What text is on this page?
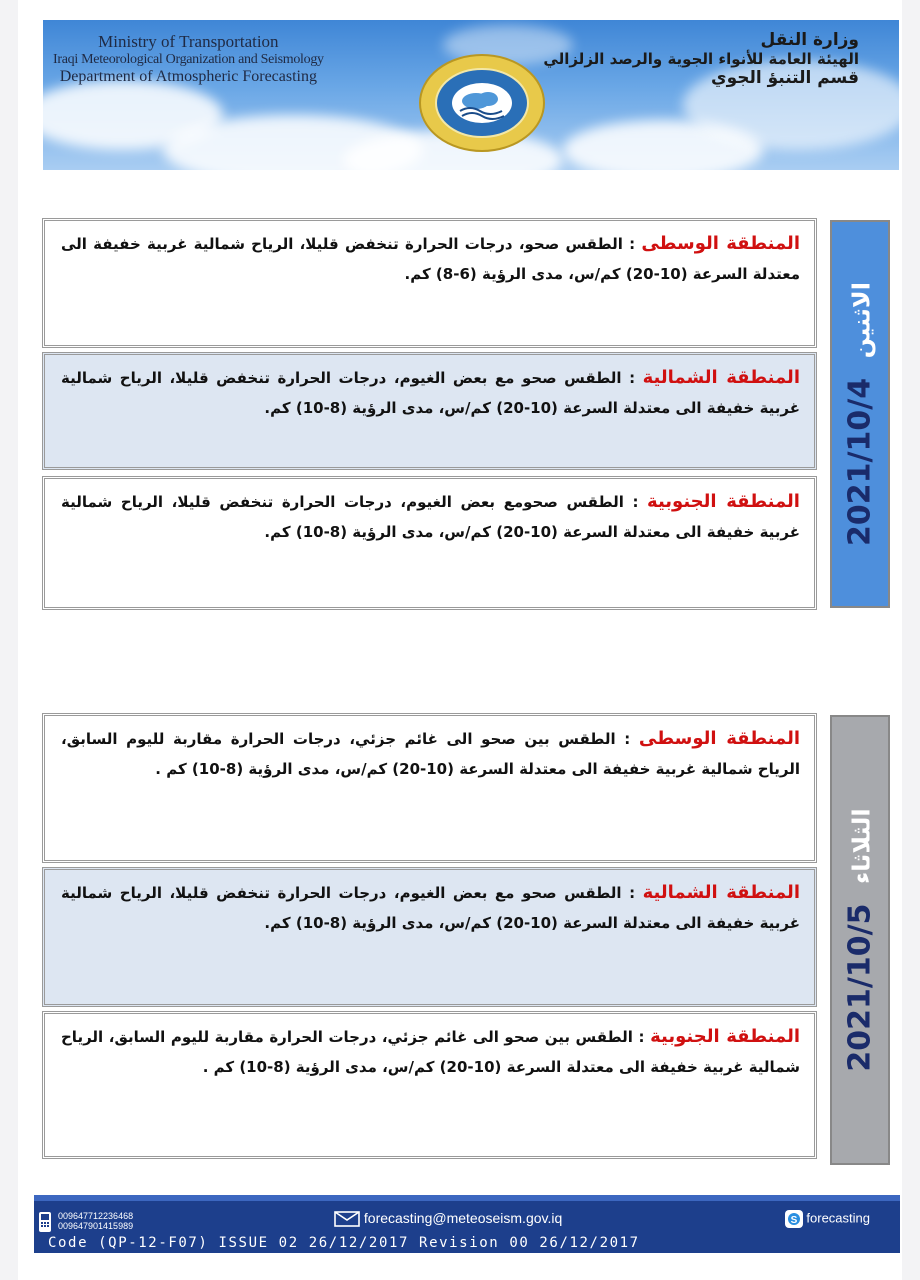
Ministry of Transportation
Iraqi Meteorological Organization and Seismology
Department of Atmospheric Forecasting
وزارة النقل
الهيئة العامة للأنواء الجوية والرصد الزلزالي
قسم التنبؤ الجوي
المنطقة الوسطى : الطقس صحو، درجات الحرارة تنخفض قليلا، الرياح شمالية غربية خفيفة الى معتدلة السرعة (10-20) كم/س، مدى الرؤية (6-8) كم.
المنطقة الشمالية : الطقس صحو مع بعض الغيوم، درجات الحرارة تنخفض قليلا، الرياح شمالية غربية خفيفة الى معتدلة السرعة (10-20) كم/س، مدى الرؤية (8-10) كم.
المنطقة الجنوبية : الطقس صحومع بعض الغيوم، درجات الحرارة تنخفض قليلا، الرياح شمالية غربية خفيفة الى معتدلة السرعة (10-20) كم/س، مدى الرؤية (8-10) كم. 2021/10/4 الاثنين
المنطقة الوسطى : الطقس بين صحو الى غائم جزئي، درجات الحرارة مقاربة لليوم السابق، الرياح شمالية غربية خفيفة الى معتدلة السرعة (10-20) كم/س، مدى الرؤية (8-10) كم .
المنطقة الشمالية : الطقس صحو مع بعض الغيوم، درجات الحرارة تنخفض قليلا، الرياح شمالية غربية خفيفة الى معتدلة السرعة (10-20) كم/س، مدى الرؤية (8-10) كم.
المنطقة الجنوبية : الطقس بين صحو الى غائم جزئي، درجات الحرارة مقاربة لليوم السابق، الرياح شمالية غربية خفيفة الى معتدلة السرعة (10-20) كم/س، مدى الرؤية (8-10) كم . 2021/10/5 الثلاثاء
009647712236468
009647901415989	forecasting@meteoseism.gov.iq	S forecasting
Code (QP-12-F07) ISSUE 02 26/12/2017 Revision 00 26/12/2017
